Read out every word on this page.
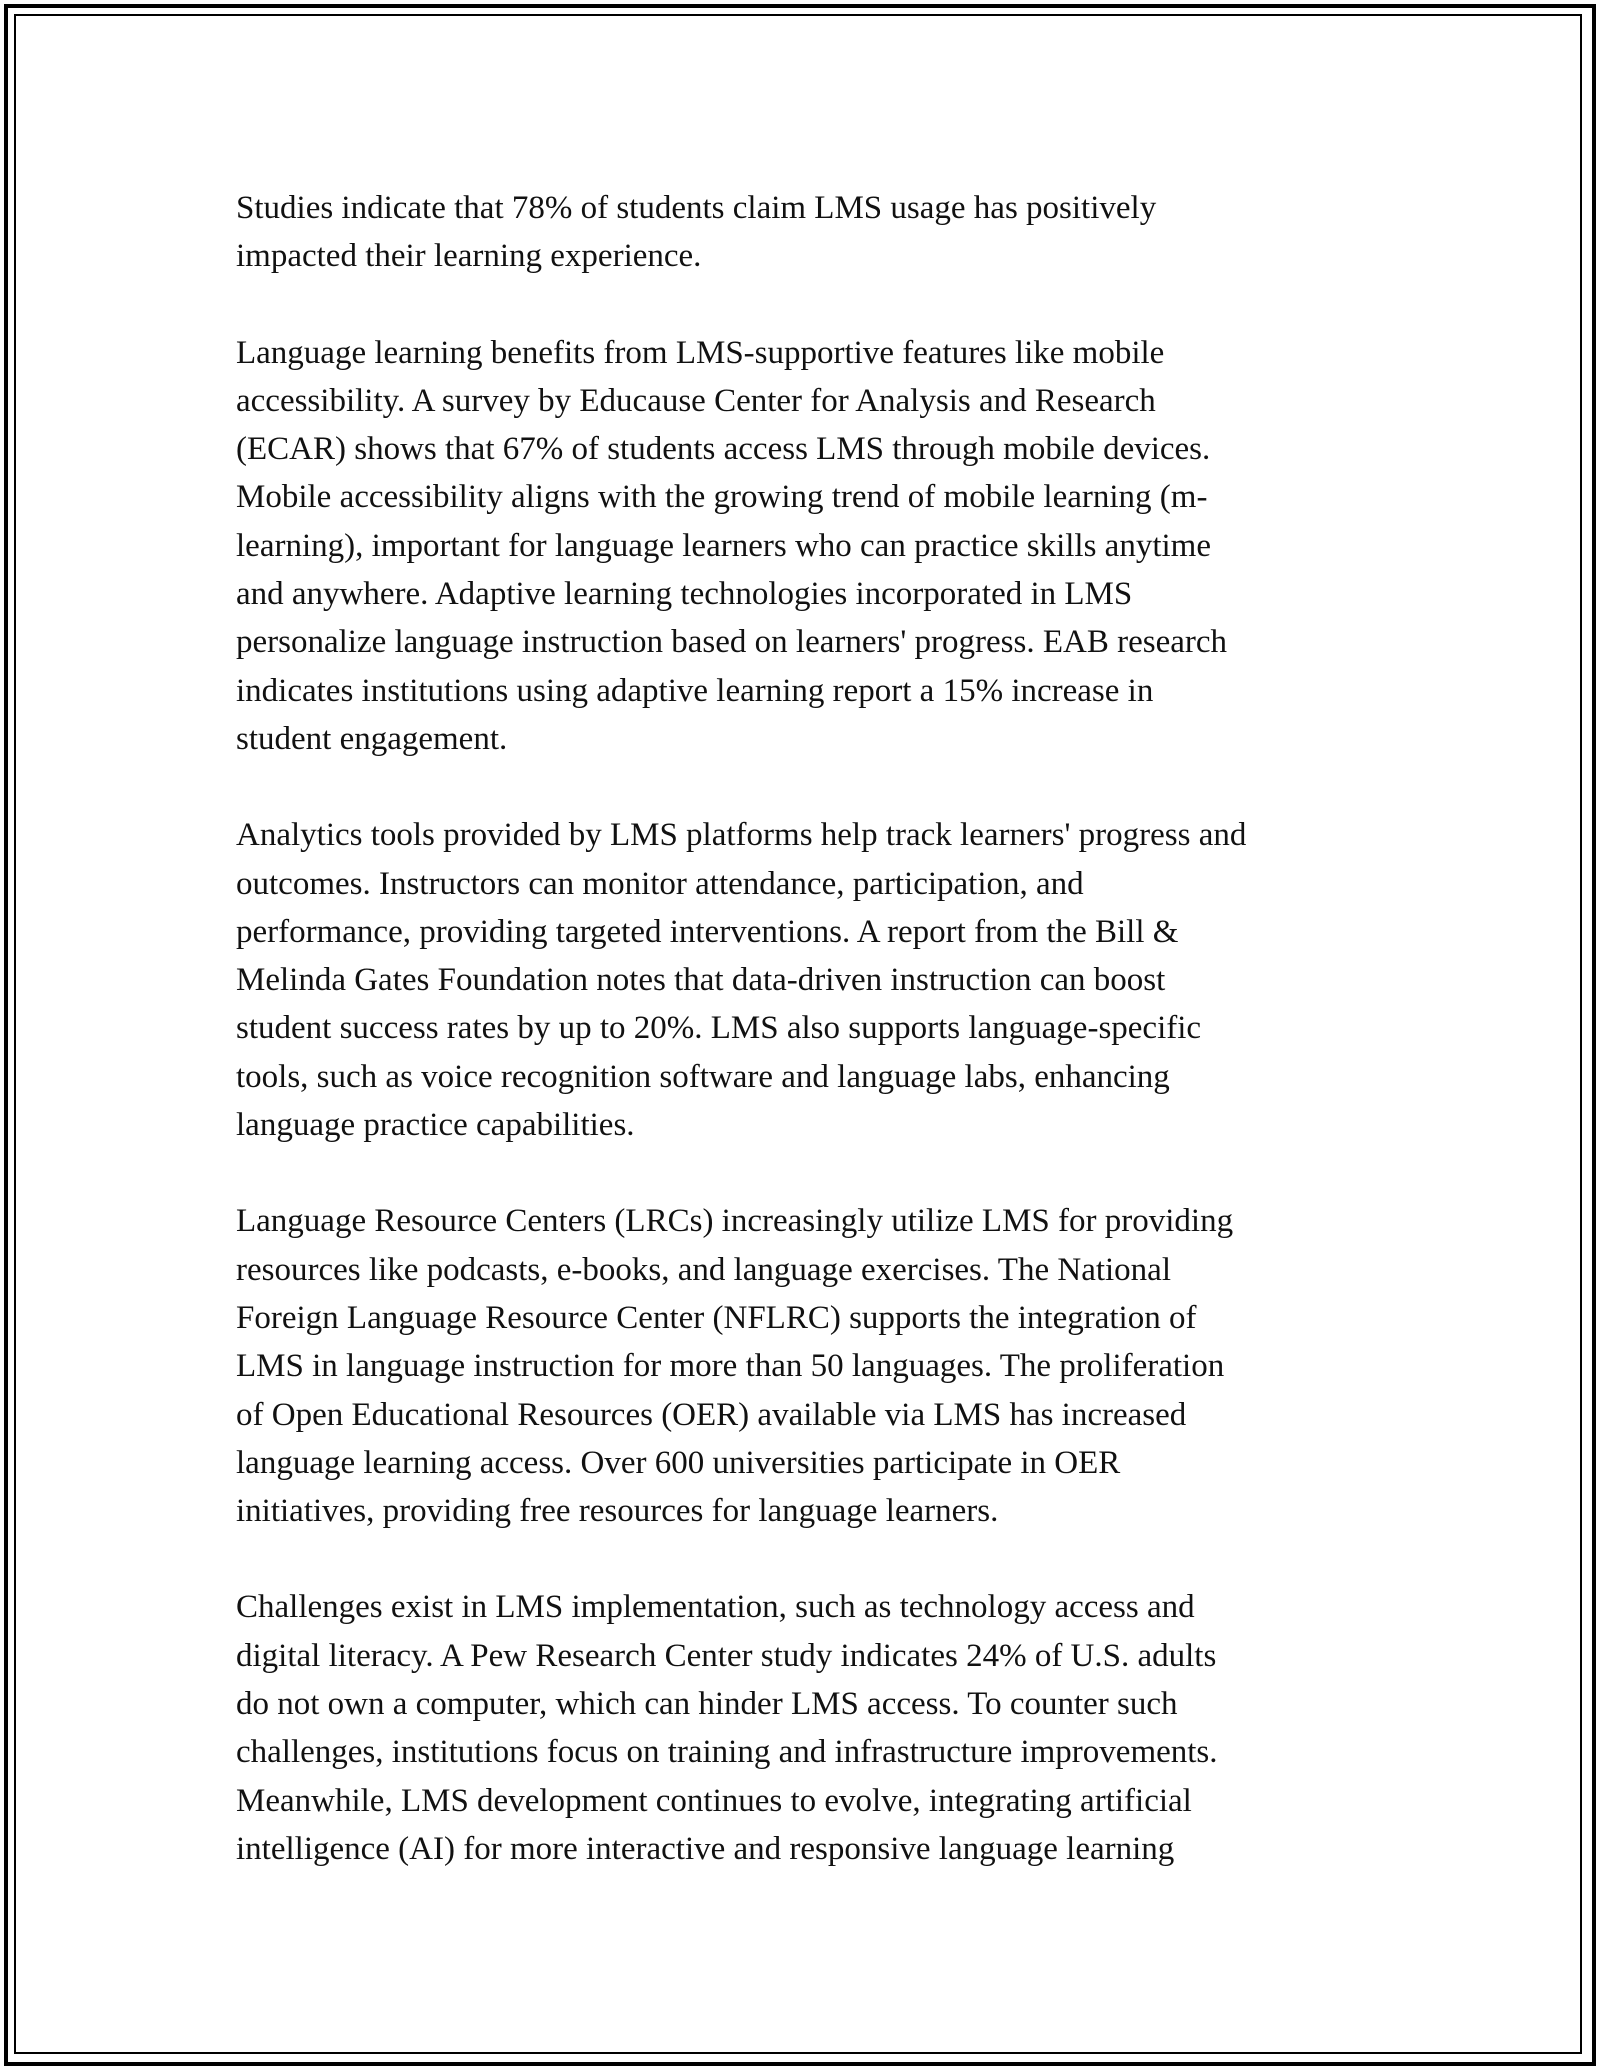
Studies indicate that 78% of students claim LMS usage has positively
impacted their learning experience.

Language learning benefits from LMS-supportive features like mobile
accessibility. A survey by Educause Center for Analysis and Research
(ECAR) shows that 67% of students access LMS through mobile devices.
Mobile accessibility aligns with the growing trend of mobile learning (m-
learning), important for language learners who can practice skills anytime
and anywhere. Adaptive learning technologies incorporated in LMS
personalize language instruction based on learners' progress. EAB research
indicates institutions using adaptive learning report a 15% increase in
student engagement.

Analytics tools provided by LMS platforms help track learners' progress and
outcomes. Instructors can monitor attendance, participation, and
performance, providing targeted interventions. A report from the Bill &
Melinda Gates Foundation notes that data-driven instruction can boost
student success rates by up to 20%. LMS also supports language-specific
tools, such as voice recognition software and language labs, enhancing
language practice capabilities.

Language Resource Centers (LRCs) increasingly utilize LMS for providing
resources like podcasts, e-books, and language exercises. The National
Foreign Language Resource Center (NFLRC) supports the integration of
LMS in language instruction for more than 50 languages. The proliferation
of Open Educational Resources (OER) available via LMS has increased
language learning access. Over 600 universities participate in OER
initiatives, providing free resources for language learners.

Challenges exist in LMS implementation, such as technology access and
digital literacy. A Pew Research Center study indicates 24% of U.S. adults
do not own a computer, which can hinder LMS access. To counter such
challenges, institutions focus on training and infrastructure improvements.
Meanwhile, LMS development continues to evolve, integrating artificial
intelligence (AI) for more interactive and responsive language learning
